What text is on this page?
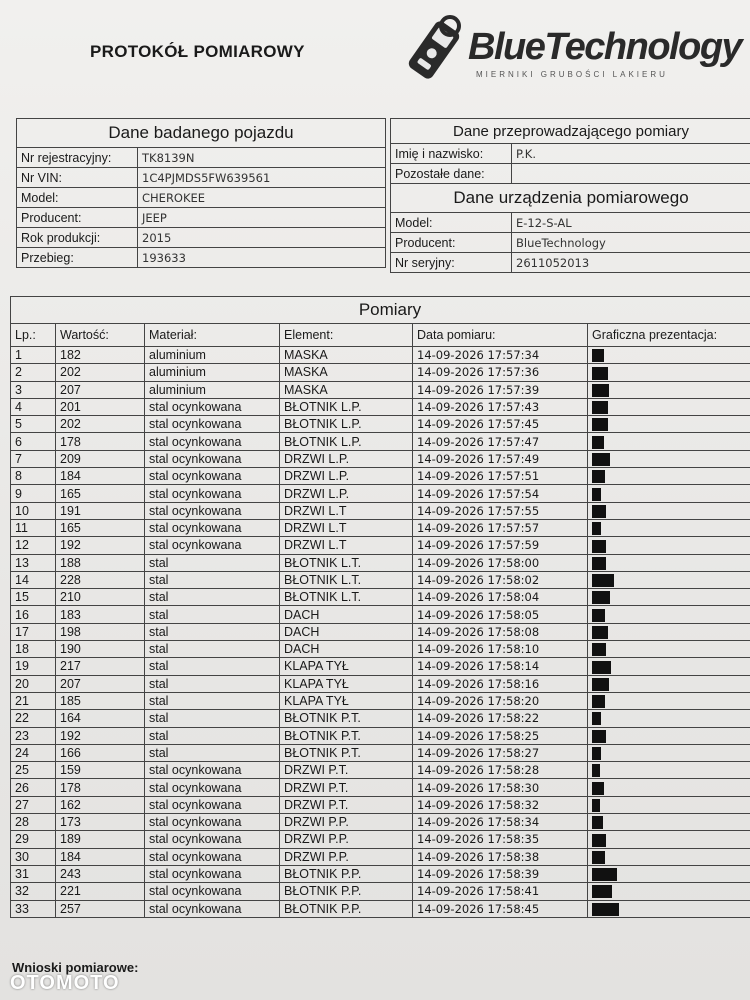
PROTOKÓŁ POMIAROWY	BlueTechnology
MIERNIKI GRUBOŚCI LAKIERU
Dane badanego pojazdu	
Nr rejestracyjny:	TK8139N
Nr VIN:	1C4PJMDS5FW639561
Model:	CHEROKEE
Producent:	JEEP
Rok produkcji:	2015
Przebieg:	193633
Dane przeprowadzającego pomiary	
Imię i nazwisko:	P.K.
Pozostałe dane:	
Dane urządzenia pomiarowego	
Model:	E-12-S-AL
Producent:	BlueTechnology
Nr seryjny:	2611052013
Pomiary					
Lp.:	Wartość:	Materiał:	Element:	Data pomiaru:	Graficzna prezentacja:
1	182	aluminium	MASKA	14-09-2026 17:57:34	
2	202	aluminium	MASKA	14-09-2026 17:57:36	
3	207	aluminium	MASKA	14-09-2026 17:57:39	
4	201	stal ocynkowana	BŁOTNIK L.P.	14-09-2026 17:57:43	
5	202	stal ocynkowana	BŁOTNIK L.P.	14-09-2026 17:57:45	
6	178	stal ocynkowana	BŁOTNIK L.P.	14-09-2026 17:57:47	
7	209	stal ocynkowana	DRZWI L.P.	14-09-2026 17:57:49	
8	184	stal ocynkowana	DRZWI L.P.	14-09-2026 17:57:51	
9	165	stal ocynkowana	DRZWI L.P.	14-09-2026 17:57:54	
10	191	stal ocynkowana	DRZWI L.T	14-09-2026 17:57:55	
11	165	stal ocynkowana	DRZWI L.T	14-09-2026 17:57:57	
12	192	stal ocynkowana	DRZWI L.T	14-09-2026 17:57:59	
13	188	stal	BŁOTNIK L.T.	14-09-2026 17:58:00	
14	228	stal	BŁOTNIK L.T.	14-09-2026 17:58:02	
15	210	stal	BŁOTNIK L.T.	14-09-2026 17:58:04	
16	183	stal	DACH	14-09-2026 17:58:05	
17	198	stal	DACH	14-09-2026 17:58:08	
18	190	stal	DACH	14-09-2026 17:58:10	
19	217	stal	KLAPA TYŁ	14-09-2026 17:58:14	
20	207	stal	KLAPA TYŁ	14-09-2026 17:58:16	
21	185	stal	KLAPA TYŁ	14-09-2026 17:58:20	
22	164	stal	BŁOTNIK P.T.	14-09-2026 17:58:22	
23	192	stal	BŁOTNIK P.T.	14-09-2026 17:58:25	
24	166	stal	BŁOTNIK P.T.	14-09-2026 17:58:27	
25	159	stal ocynkowana	DRZWI P.T.	14-09-2026 17:58:28	
26	178	stal ocynkowana	DRZWI P.T.	14-09-2026 17:58:30	
27	162	stal ocynkowana	DRZWI P.T.	14-09-2026 17:58:32	
28	173	stal ocynkowana	DRZWI P.P.	14-09-2026 17:58:34	
29	189	stal ocynkowana	DRZWI P.P.	14-09-2026 17:58:35	
30	184	stal ocynkowana	DRZWI P.P.	14-09-2026 17:58:38	
31	243	stal ocynkowana	BŁOTNIK P.P.	14-09-2026 17:58:39	
32	221	stal ocynkowana	BŁOTNIK P.P.	14-09-2026 17:58:41	
33	257	stal ocynkowana	BŁOTNIK P.P.	14-09-2026 17:58:45	
Wnioski pomiarowe:
OTOMOTO
